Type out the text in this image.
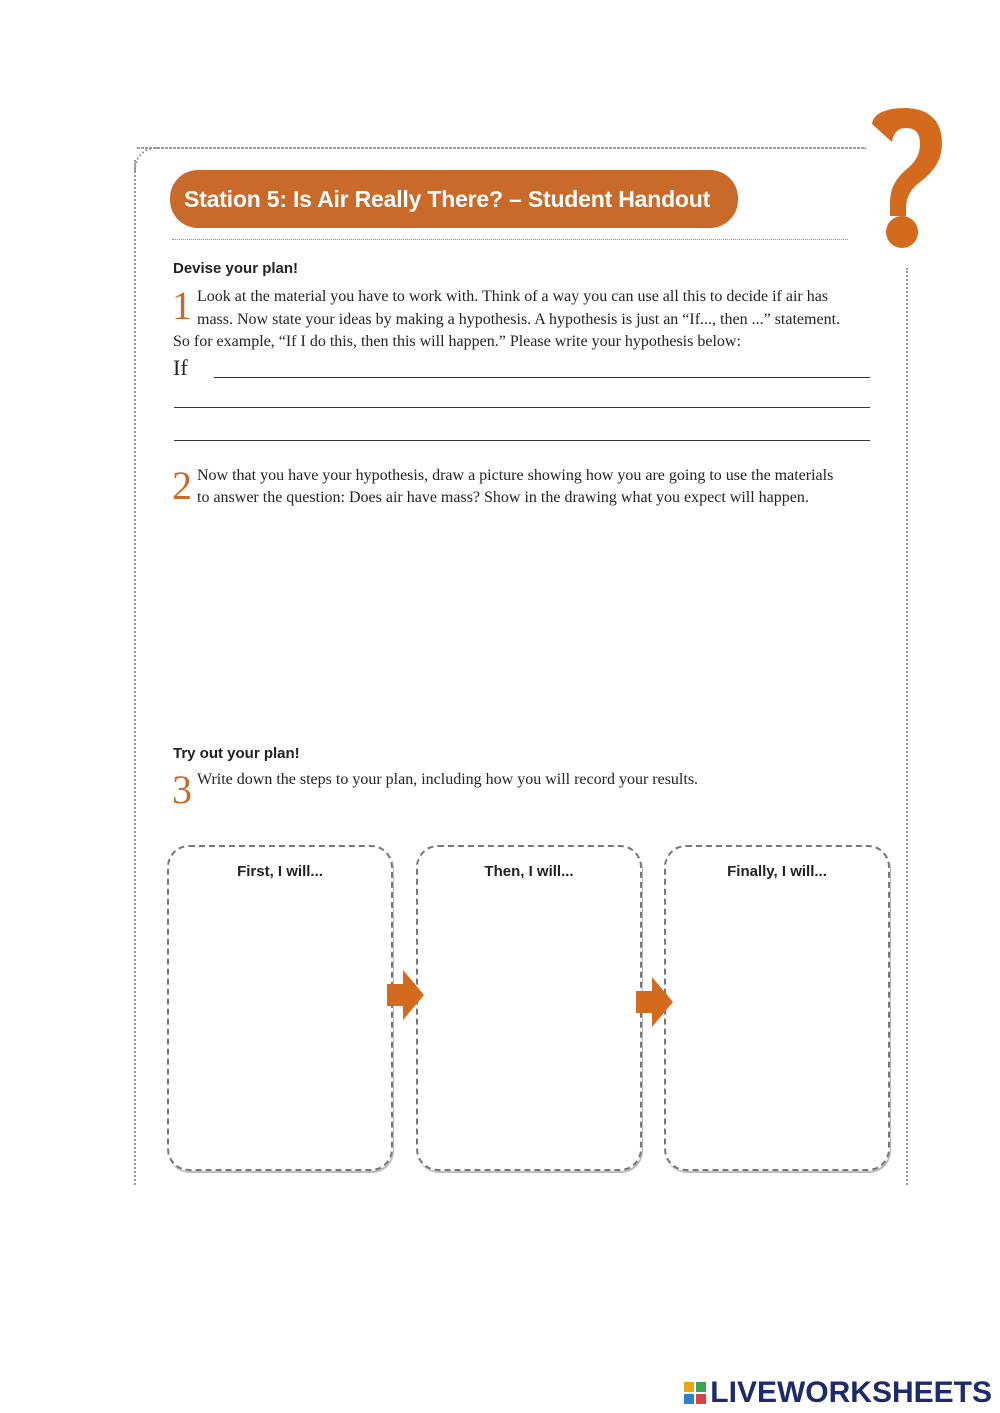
Station 5: Is Air Really There? – Student Handout
Devise your plan!
1 Look at the material you have to work with. Think of a way you can use all this to decide if air has
mass. Now state your ideas by making a hypothesis. A hypothesis is just an “If..., then ...” statement.
So for example, “If I do this, then this will happen.” Please write your hypothesis below:
If
2 Now that you have your hypothesis, draw a picture showing how you are going to use the materials
to answer the question: Does air have mass? Show in the drawing what you expect will happen.
Try out your plan!
3 Write down the steps to your plan, including how you will record your results.
First, I will...	Then, I will...	Finally, I will...
LIVEWORKSHEETS
